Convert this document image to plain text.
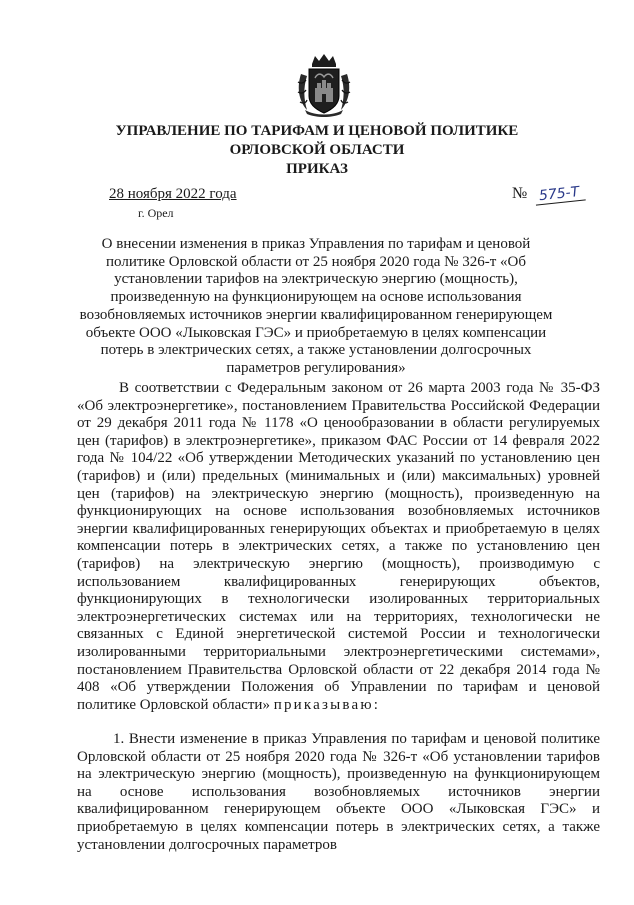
УПРАВЛЕНИЕ ПО ТАРИФАМ И ЦЕНОВОЙ ПОЛИТИКЕ
ОРЛОВСКОЙ ОБЛАСТИ
ПРИКАЗ
28 ноября 2022 года
г. Орел
№ 575-Т
О внесении изменения в приказ Управления по тарифам и ценовой политике Орловской области от 25 ноября 2020 года № 326-т «Об установлении тарифов на электрическую энергию (мощность), произведенную на функционирующем на основе использования возобновляемых источников энергии квалифицированном генерирующем объекте ООО «Лыковская ГЭС» и приобретаемую в целях компенсации потерь в электрических сетях, а также установлении долгосрочных параметров регулирования»
В соответствии с Федеральным законом от 26 марта 2003 года № 35-ФЗ «Об электроэнергетике», постановлением Правительства Российской Федерации от 29 декабря 2011 года № 1178 «О ценообразовании в области регулируемых цен (тарифов) в электроэнергетике», приказом ФАС России от 14 февраля 2022 года № 104/22 «Об утверждении Методических указаний по установлению цен (тарифов) и (или) предельных (минимальных и (или) максимальных) уровней цен (тарифов) на электрическую энергию (мощность), произведенную на функционирующих на основе использования возобновляемых источников энергии квалифицированных генерирующих объектах и приобретаемую в целях компенсации потерь в электрических сетях, а также по установлению цен (тарифов) на электрическую энергию (мощность), производимую с использованием квалифицированных генерирующих объектов, функционирующих в технологически изолированных территориальных электроэнергетических системах или на территориях, технологически не связанных с Единой энергетической системой России и технологически изолированными территориальными электроэнергетическими системами», постановлением Правительства Орловской области от 22 декабря 2014 года № 408 «Об утверждении Положения об Управлении по тарифам и ценовой политике Орловской области» приказываю:
1. Внести изменение в приказ Управления по тарифам и ценовой политике Орловской области от 25 ноября 2020 года № 326-т «Об установлении тарифов на электрическую энергию (мощность), произведенную на функционирующем на основе использования возобновляемых источников энергии квалифицированном генерирующем объекте ООО «Лыковская ГЭС» и приобретаемую в целях компенсации потерь в электрических сетях, а также установлении долгосрочных параметров
